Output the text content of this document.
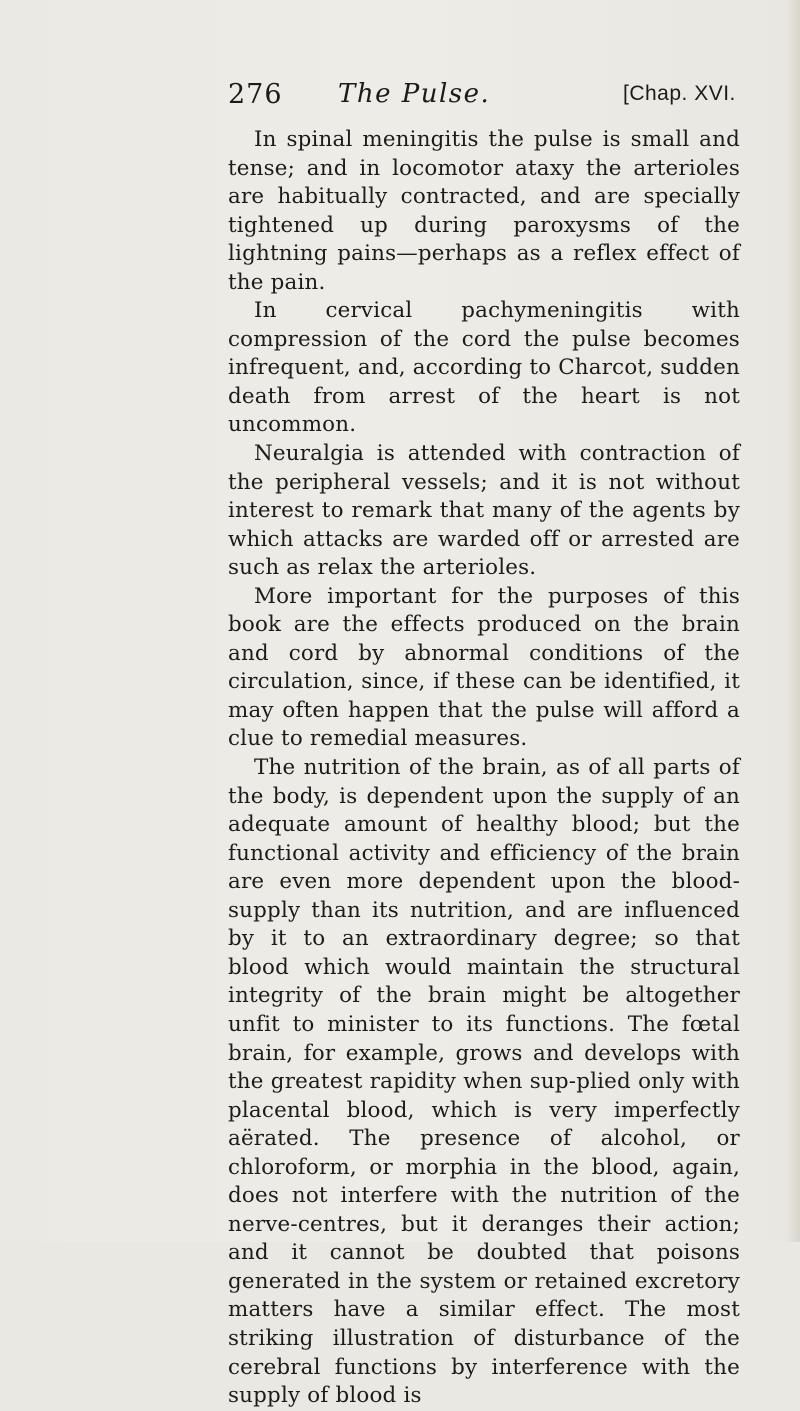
276 The Pulse.	[Chap. XVI.

In spinal meningitis the pulse is small and tense; and in locomotor ataxy the arterioles are habitually contracted, and are specially tightened up during paroxysms of the lightning pains—perhaps as a reflex effect of the pain.

In cervical pachymeningitis with compression of the cord the pulse becomes infrequent, and, according to Charcot, sudden death from arrest of the heart is not uncommon.

Neuralgia is attended with contraction of the peripheral vessels; and it is not without interest to remark that many of the agents by which attacks are warded off or arrested are such as relax the arterioles.

More important for the purposes of this book are the effects produced on the brain and cord by abnormal conditions of the circulation, since, if these can be identified, it may often happen that the pulse will afford a clue to remedial measures.

The nutrition of the brain, as of all parts of the body, is dependent upon the supply of an adequate amount of healthy blood; but the functional activity and efficiency of the brain are even more dependent upon the blood-supply than its nutrition, and are influenced by it to an extraordinary degree; so that blood which would maintain the structural integrity of the brain might be altogether unfit to minister to its functions. The fœtal brain, for example, grows and develops with the greatest rapidity when sup-plied only with placental blood, which is very imperfectly aërated. The presence of alcohol, or chloroform, or morphia in the blood, again, does not interfere with the nutrition of the nerve-centres, but it deranges their action; and it cannot be doubted that poisons generated in the system or retained excretory matters have a similar effect. The most striking illustration of disturbance of the cerebral functions by interference with the supply of blood is
